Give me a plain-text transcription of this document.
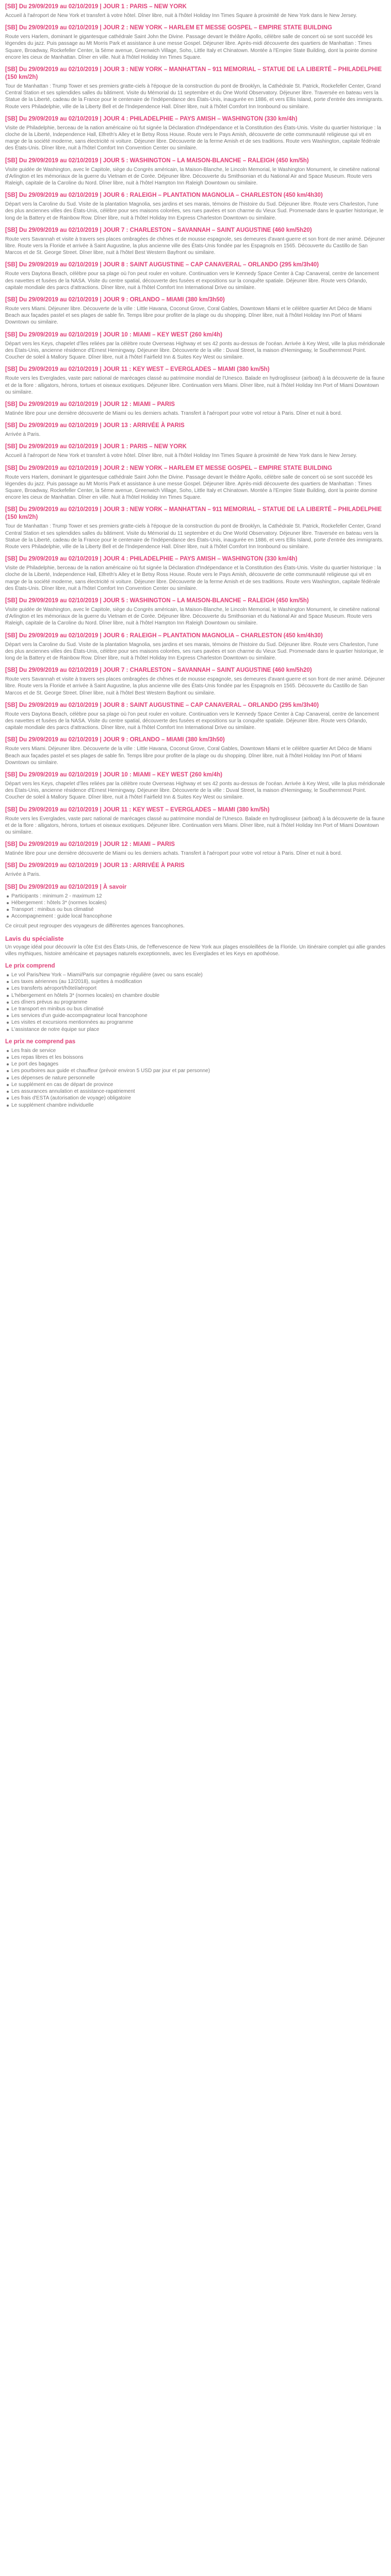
[SB] Du 29/09/2019 au 02/10/2019 | JOUR 1 : PARIS – NEW YORK

Accueil à l'aéroport de New York et transfert à votre hôtel. Dîner libre, nuit à l'hôtel Holiday Inn Times Square à proximité de New York dans le New Jersey.

[SB] Du 29/09/2019 au 02/10/2019 | JOUR 2 : NEW YORK – HARLEM ET MESSE GOSPEL – EMPIRE STATE BUILDING

Route vers Harlem, dominant le gigantesque cathédrale Saint John the Divine. Passage devant le théâtre Apollo, célèbre salle de concert où se sont succédé les légendes du jazz. Puis passage au Mt Morris Park et assistance à une messe Gospel. Déjeuner libre. Après-midi découverte des quartiers de Manhattan : Times Square, Broadway, Rockefeller Center, la 5ème avenue, Greenwich Village, Soho, Little Italy et Chinatown. Montée à l'Empire State Building, dont la pointe domine encore les cieux de Manhattan. Dîner en ville. Nuit à l'hôtel Holiday Inn Times Square.

[SB] Du 29/09/2019 au 02/10/2019 | JOUR 3 : NEW YORK – MANHATTAN – 911 MEMORIAL – STATUE DE LA LIBERTÉ – PHILADELPHIE (150 km/2h)

Tour de Manhattan : Trump Tower et ses premiers gratte-ciels à l'époque de la construction du pont de Brooklyn, la Cathédrale St. Patrick, Rockefeller Center, Grand Central Station et ses splendides salles du bâtiment. Visite du Mémorial du 11 septembre et du One World Observatory. Déjeuner libre. Traversée en bateau vers la Statue de la Liberté, cadeau de la France pour le centenaire de l'indépendance des États-Unis, inaugurée en 1886, et vers Ellis Island, porte d'entrée des immigrants. Route vers Philadelphie, ville de la Liberty Bell et de l'Independence Hall. Dîner libre, nuit à l'hôtel Comfort Inn Ironbound ou similaire.

[SB] Du 29/09/2019 au 02/10/2019 | JOUR 4 : PHILADELPHIE – PAYS AMISH – WASHINGTON (330 km/4h)

Visite de Philadelphie, berceau de la nation américaine où fut signée la Déclaration d'Indépendance et la Constitution des États-Unis. Visite du quartier historique : la cloche de la Liberté, Independence Hall, Elfreth's Alley et le Betsy Ross House. Route vers le Pays Amish, découverte de cette communauté religieuse qui vit en marge de la société moderne, sans électricité ni voiture. Déjeuner libre. Découverte de la ferme Amish et de ses traditions. Route vers Washington, capitale fédérale des États-Unis. Dîner libre, nuit à l'hôtel Comfort Inn Convention Center ou similaire.

[SB] Du 29/09/2019 au 02/10/2019 | JOUR 5 : WASHINGTON – LA MAISON-BLANCHE – RALEIGH (450 km/5h)

Visite guidée de Washington, avec le Capitole, siège du Congrès américain, la Maison-Blanche, le Lincoln Memorial, le Washington Monument, le cimetière national d'Arlington et les mémoriaux de la guerre du Vietnam et de Corée. Déjeuner libre. Découverte du Smithsonian et du National Air and Space Museum. Route vers Raleigh, capitale de la Caroline du Nord. Dîner libre, nuit à l'hôtel Hampton Inn Raleigh Downtown ou similaire.

[SB] Du 29/09/2019 au 02/10/2019 | JOUR 6 : RALEIGH – PLANTATION MAGNOLIA – CHARLESTON (450 km/4h30)

Départ vers la Caroline du Sud. Visite de la plantation Magnolia, ses jardins et ses marais, témoins de l'histoire du Sud. Déjeuner libre. Route vers Charleston, l'une des plus anciennes villes des États-Unis, célèbre pour ses maisons colorées, ses rues pavées et son charme du Vieux Sud. Promenade dans le quartier historique, le long de la Battery et de Rainbow Row. Dîner libre, nuit à l'hôtel Holiday Inn Express Charleston Downtown ou similaire.

[SB] Du 29/09/2019 au 02/10/2019 | JOUR 7 : CHARLESTON – SAVANNAH – SAINT AUGUSTINE (460 km/5h20)

Route vers Savannah et visite à travers ses places ombragées de chênes et de mousse espagnole, ses demeures d'avant-guerre et son front de mer animé. Déjeuner libre. Route vers la Floride et arrivée à Saint Augustine, la plus ancienne ville des États-Unis fondée par les Espagnols en 1565. Découverte du Castillo de San Marcos et de St. George Street. Dîner libre, nuit à l'hôtel Best Western Bayfront ou similaire.

[SB] Du 29/09/2019 au 02/10/2019 | JOUR 8 : SAINT AUGUSTINE – CAP CANAVERAL – ORLANDO (295 km/3h40)

Route vers Daytona Beach, célèbre pour sa plage où l'on peut rouler en voiture. Continuation vers le Kennedy Space Center à Cap Canaveral, centre de lancement des navettes et fusées de la NASA. Visite du centre spatial, découverte des fusées et expositions sur la conquête spatiale. Déjeuner libre. Route vers Orlando, capitale mondiale des parcs d'attractions. Dîner libre, nuit à l'hôtel Comfort Inn International Drive ou similaire.

[SB] Du 29/09/2019 au 02/10/2019 | JOUR 9 : ORLANDO – MIAMI (380 km/3h50)

Route vers Miami. Déjeuner libre. Découverte de la ville : Little Havana, Coconut Grove, Coral Gables, Downtown Miami et le célèbre quartier Art Déco de Miami Beach aux façades pastel et ses plages de sable fin. Temps libre pour profiter de la plage ou du shopping. Dîner libre, nuit à l'hôtel Holiday Inn Port of Miami Downtown ou similaire.

[SB] Du 29/09/2019 au 02/10/2019 | JOUR 10 : MIAMI – KEY WEST (260 km/4h)

Départ vers les Keys, chapelet d'îles reliées par la célèbre route Overseas Highway et ses 42 ponts au-dessus de l'océan. Arrivée à Key West, ville la plus méridionale des États-Unis, ancienne résidence d'Ernest Hemingway. Déjeuner libre. Découverte de la ville : Duval Street, la maison d'Hemingway, le Southernmost Point. Coucher de soleil à Mallory Square. Dîner libre, nuit à l'hôtel Fairfield Inn & Suites Key West ou similaire.

[SB] Du 29/09/2019 au 02/10/2019 | JOUR 11 : KEY WEST – EVERGLADES – MIAMI (380 km/5h)

Route vers les Everglades, vaste parc national de marécages classé au patrimoine mondial de l'Unesco. Balade en hydroglisseur (airboat) à la découverte de la faune et de la flore : alligators, hérons, tortues et oiseaux exotiques. Déjeuner libre. Continuation vers Miami. Dîner libre, nuit à l'hôtel Holiday Inn Port of Miami Downtown ou similaire.

[SB] Du 29/09/2019 au 02/10/2019 | JOUR 12 : MIAMI – PARIS

Matinée libre pour une dernière découverte de Miami ou les derniers achats. Transfert à l'aéroport pour votre vol retour à Paris. Dîner et nuit à bord.

[SB] Du 29/09/2019 au 02/10/2019 | JOUR 13 : ARRIVÉE À PARIS

Arrivée à Paris.

[SB] Du 29/09/2019 au 02/10/2019 | JOUR 1 : PARIS – NEW YORK

Accueil à l'aéroport de New York et transfert à votre hôtel. Dîner libre, nuit à l'hôtel Holiday Inn Times Square à proximité de New York dans le New Jersey.

[SB] Du 29/09/2019 au 02/10/2019 | JOUR 2 : NEW YORK – HARLEM ET MESSE GOSPEL – EMPIRE STATE BUILDING

Route vers Harlem, dominant le gigantesque cathédrale Saint John the Divine. Passage devant le théâtre Apollo, célèbre salle de concert où se sont succédé les légendes du jazz. Puis passage au Mt Morris Park et assistance à une messe Gospel. Déjeuner libre. Après-midi découverte des quartiers de Manhattan : Times Square, Broadway, Rockefeller Center, la 5ème avenue, Greenwich Village, Soho, Little Italy et Chinatown. Montée à l'Empire State Building, dont la pointe domine encore les cieux de Manhattan. Dîner en ville. Nuit à l'hôtel Holiday Inn Times Square.

[SB] Du 29/09/2019 au 02/10/2019 | JOUR 3 : NEW YORK – MANHATTAN – 911 MEMORIAL – STATUE DE LA LIBERTÉ – PHILADELPHIE (150 km/2h)

Tour de Manhattan : Trump Tower et ses premiers gratte-ciels à l'époque de la construction du pont de Brooklyn, la Cathédrale St. Patrick, Rockefeller Center, Grand Central Station et ses splendides salles du bâtiment. Visite du Mémorial du 11 septembre et du One World Observatory. Déjeuner libre. Traversée en bateau vers la Statue de la Liberté, cadeau de la France pour le centenaire de l'indépendance des États-Unis, inaugurée en 1886, et vers Ellis Island, porte d'entrée des immigrants. Route vers Philadelphie, ville de la Liberty Bell et de l'Independence Hall. Dîner libre, nuit à l'hôtel Comfort Inn Ironbound ou similaire.

[SB] Du 29/09/2019 au 02/10/2019 | JOUR 4 : PHILADELPHIE – PAYS AMISH – WASHINGTON (330 km/4h)

Visite de Philadelphie, berceau de la nation américaine où fut signée la Déclaration d'Indépendance et la Constitution des États-Unis. Visite du quartier historique : la cloche de la Liberté, Independence Hall, Elfreth's Alley et le Betsy Ross House. Route vers le Pays Amish, découverte de cette communauté religieuse qui vit en marge de la société moderne, sans électricité ni voiture. Déjeuner libre. Découverte de la ferme Amish et de ses traditions. Route vers Washington, capitale fédérale des États-Unis. Dîner libre, nuit à l'hôtel Comfort Inn Convention Center ou similaire.

[SB] Du 29/09/2019 au 02/10/2019 | JOUR 5 : WASHINGTON – LA MAISON-BLANCHE – RALEIGH (450 km/5h)

Visite guidée de Washington, avec le Capitole, siège du Congrès américain, la Maison-Blanche, le Lincoln Memorial, le Washington Monument, le cimetière national d'Arlington et les mémoriaux de la guerre du Vietnam et de Corée. Déjeuner libre. Découverte du Smithsonian et du National Air and Space Museum. Route vers Raleigh, capitale de la Caroline du Nord. Dîner libre, nuit à l'hôtel Hampton Inn Raleigh Downtown ou similaire.

[SB] Du 29/09/2019 au 02/10/2019 | JOUR 6 : RALEIGH – PLANTATION MAGNOLIA – CHARLESTON (450 km/4h30)

Départ vers la Caroline du Sud. Visite de la plantation Magnolia, ses jardins et ses marais, témoins de l'histoire du Sud. Déjeuner libre. Route vers Charleston, l'une des plus anciennes villes des États-Unis, célèbre pour ses maisons colorées, ses rues pavées et son charme du Vieux Sud. Promenade dans le quartier historique, le long de la Battery et de Rainbow Row. Dîner libre, nuit à l'hôtel Holiday Inn Express Charleston Downtown ou similaire.

[SB] Du 29/09/2019 au 02/10/2019 | JOUR 7 : CHARLESTON – SAVANNAH – SAINT AUGUSTINE (460 km/5h20)

Route vers Savannah et visite à travers ses places ombragées de chênes et de mousse espagnole, ses demeures d'avant-guerre et son front de mer animé. Déjeuner libre. Route vers la Floride et arrivée à Saint Augustine, la plus ancienne ville des États-Unis fondée par les Espagnols en 1565. Découverte du Castillo de San Marcos et de St. George Street. Dîner libre, nuit à l'hôtel Best Western Bayfront ou similaire.

[SB] Du 29/09/2019 au 02/10/2019 | JOUR 8 : SAINT AUGUSTINE – CAP CANAVERAL – ORLANDO (295 km/3h40)

Route vers Daytona Beach, célèbre pour sa plage où l'on peut rouler en voiture. Continuation vers le Kennedy Space Center à Cap Canaveral, centre de lancement des navettes et fusées de la NASA. Visite du centre spatial, découverte des fusées et expositions sur la conquête spatiale. Déjeuner libre. Route vers Orlando, capitale mondiale des parcs d'attractions. Dîner libre, nuit à l'hôtel Comfort Inn International Drive ou similaire.

[SB] Du 29/09/2019 au 02/10/2019 | JOUR 9 : ORLANDO – MIAMI (380 km/3h50)

Route vers Miami. Déjeuner libre. Découverte de la ville : Little Havana, Coconut Grove, Coral Gables, Downtown Miami et le célèbre quartier Art Déco de Miami Beach aux façades pastel et ses plages de sable fin. Temps libre pour profiter de la plage ou du shopping. Dîner libre, nuit à l'hôtel Holiday Inn Port of Miami Downtown ou similaire.

[SB] Du 29/09/2019 au 02/10/2019 | JOUR 10 : MIAMI – KEY WEST (260 km/4h)

Départ vers les Keys, chapelet d'îles reliées par la célèbre route Overseas Highway et ses 42 ponts au-dessus de l'océan. Arrivée à Key West, ville la plus méridionale des États-Unis, ancienne résidence d'Ernest Hemingway. Déjeuner libre. Découverte de la ville : Duval Street, la maison d'Hemingway, le Southernmost Point. Coucher de soleil à Mallory Square. Dîner libre, nuit à l'hôtel Fairfield Inn & Suites Key West ou similaire.

[SB] Du 29/09/2019 au 02/10/2019 | JOUR 11 : KEY WEST – EVERGLADES – MIAMI (380 km/5h)

Route vers les Everglades, vaste parc national de marécages classé au patrimoine mondial de l'Unesco. Balade en hydroglisseur (airboat) à la découverte de la faune et de la flore : alligators, hérons, tortues et oiseaux exotiques. Déjeuner libre. Continuation vers Miami. Dîner libre, nuit à l'hôtel Holiday Inn Port of Miami Downtown ou similaire.

[SB] Du 29/09/2019 au 02/10/2019 | JOUR 12 : MIAMI – PARIS

Matinée libre pour une dernière découverte de Miami ou les derniers achats. Transfert à l'aéroport pour votre vol retour à Paris. Dîner et nuit à bord.

[SB] Du 29/09/2019 au 02/10/2019 | JOUR 13 : ARRIVÉE À PARIS

Arrivée à Paris.

[SB] Du 29/09/2019 au 02/10/2019 | À savoir
Participants : minimum 2 - maximum 12
Hébergement : hôtels 3* (normes locales)
Transport : minibus ou bus climatisé
Accompagnement : guide local francophone

Ce circuit peut regrouper des voyageurs de différentes agences francophones.

Lavis du spécialiste

Un voyage idéal pour découvrir la côte Est des États-Unis, de l'effervescence de New York aux plages ensoleillées de la Floride. Un itinéraire complet qui allie grandes villes mythiques, histoire américaine et paysages naturels exceptionnels, avec les Everglades et les Keys en apothéose.

Le prix comprend
Le vol Paris/New York – Miami/Paris sur compagnie régulière (avec ou sans escale)
Les taxes aériennes (au 12/2018), sujettes à modification
Les transferts aéroport/hôtel/aéroport
L'hébergement en hôtels 3* (normes locales) en chambre double
Les dîners prévus au programme
Le transport en minibus ou bus climatisé
Les services d'un guide-accompagnateur local francophone
Les visites et excursions mentionnées au programme
L'assistance de notre équipe sur place
Le prix ne comprend pas
Les frais de service
Les repas libres et les boissons
Le port des bagages
Les pourboires aux guide et chauffeur (prévoir environ 5 USD par jour et par personne)
Les dépenses de nature personnelle
Le supplément en cas de départ de province
Les assurances annulation et assistance-rapatriement
Les frais d'ESTA (autorisation de voyage) obligatoire
Le supplément chambre individuelle
